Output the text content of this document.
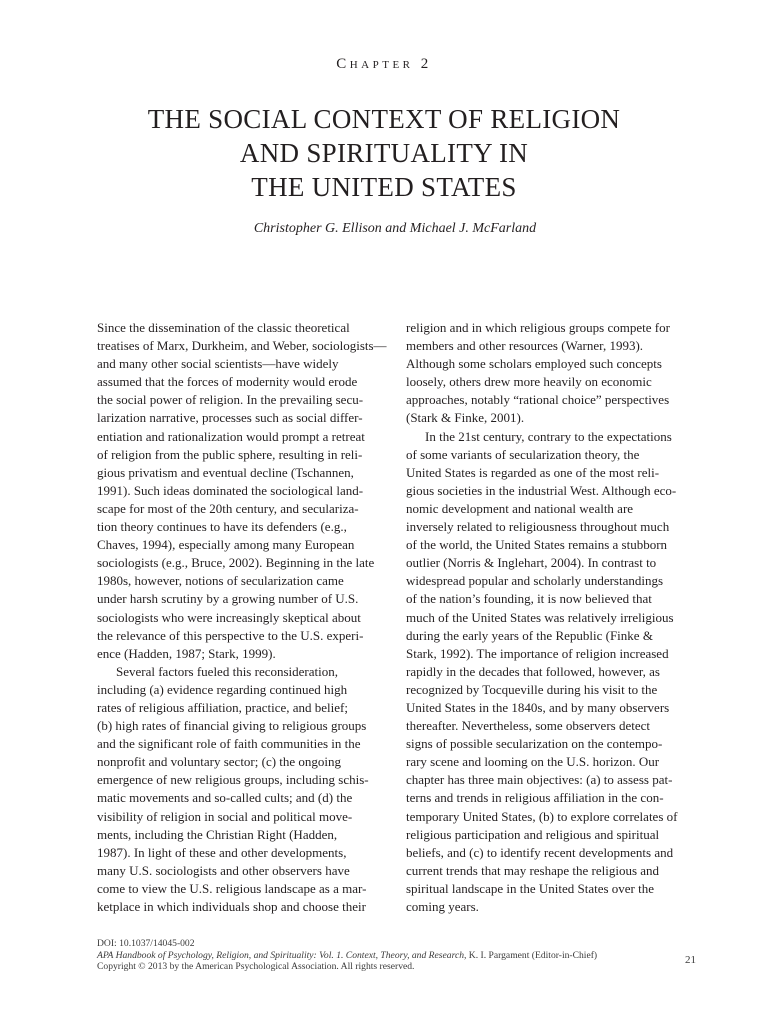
Chapter 2
THE SOCIAL CONTEXT OF RELIGION
AND SPIRITUALITY IN
THE UNITED STATES
Christopher G. Ellison and Michael J. McFarland
Since the dissemination of the classic theoretical
treatises of Marx, Durkheim, and Weber, sociologists—
and many other social scientists—have widely
assumed that the forces of modernity would erode
the social power of religion. In the prevailing secu-
larization narrative, processes such as social differ-
entiation and rationalization would prompt a retreat
of religion from the public sphere, resulting in reli-
gious privatism and eventual decline (Tschannen,
1991). Such ideas dominated the sociological land-
scape for most of the 20th century, and seculariza-
tion theory continues to have its defenders (e.g.,
Chaves, 1994), especially among many European
sociologists (e.g., Bruce, 2002). Beginning in the late
1980s, however, notions of secularization came
under harsh scrutiny by a growing number of U.S.
sociologists who were increasingly skeptical about
the relevance of this perspective to the U.S. experi-
ence (Hadden, 1987; Stark, 1999).
Several factors fueled this reconsideration,
including (a) evidence regarding continued high
rates of religious affiliation, practice, and belief;
(b) high rates of financial giving to religious groups
and the significant role of faith communities in the
nonprofit and voluntary sector; (c) the ongoing
emergence of new religious groups, including schis-
matic movements and so-called cults; and (d) the
visibility of religion in social and political move-
ments, including the Christian Right (Hadden,
1987). In light of these and other developments,
many U.S. sociologists and other observers have
come to view the U.S. religious landscape as a mar-
ketplace in which individuals shop and choose their
religion and in which religious groups compete for
members and other resources (Warner, 1993).
Although some scholars employed such concepts
loosely, others drew more heavily on economic
approaches, notably “rational choice” perspectives
(Stark & Finke, 2001).
In the 21st century, contrary to the expectations
of some variants of secularization theory, the
United States is regarded as one of the most reli-
gious societies in the industrial West. Although eco-
nomic development and national wealth are
inversely related to religiousness throughout much
of the world, the United States remains a stubborn
outlier (Norris & Inglehart, 2004). In contrast to
widespread popular and scholarly understandings
of the nation’s founding, it is now believed that
much of the United States was relatively irreligious
during the early years of the Republic (Finke &
Stark, 1992). The importance of religion increased
rapidly in the decades that followed, however, as
recognized by Tocqueville during his visit to the
United States in the 1840s, and by many observers
thereafter. Nevertheless, some observers detect
signs of possible secularization on the contempo-
rary scene and looming on the U.S. horizon. Our
chapter has three main objectives: (a) to assess pat-
terns and trends in religious affiliation in the con-
temporary United States, (b) to explore correlates of
religious participation and religious and spiritual
beliefs, and (c) to identify recent developments and
current trends that may reshape the religious and
spiritual landscape in the United States over the
coming years.
DOI: 10.1037/14045-002
APA Handbook of Psychology, Religion, and Spirituality: Vol. 1. Context, Theory, and Research, K. I. Pargament (Editor-in-Chief)
Copyright © 2013 by the American Psychological Association. All rights reserved.
21
